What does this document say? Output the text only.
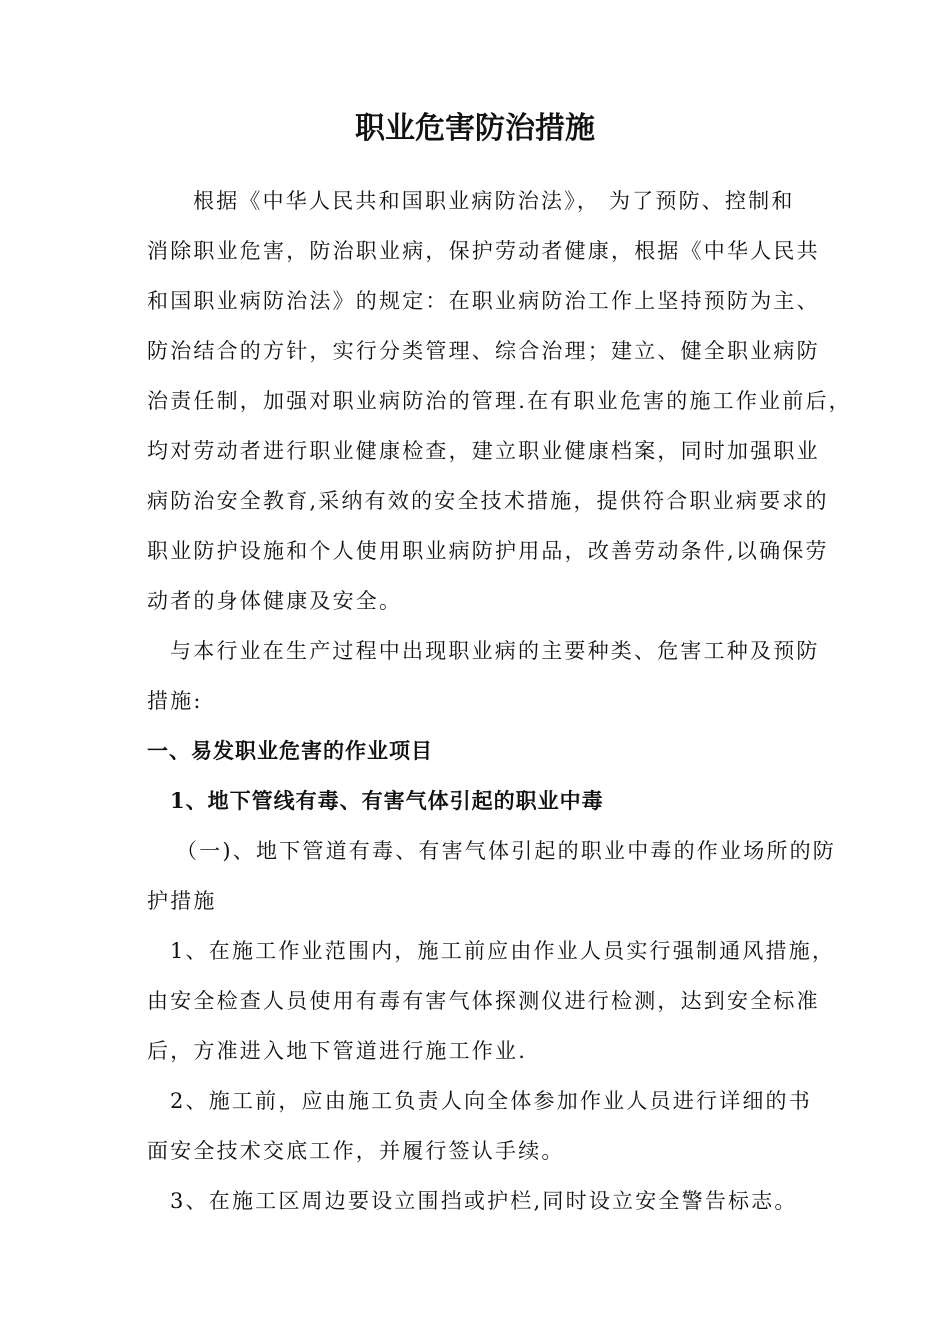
职业危害防治措施
根据《中华人民共和国职业病防治法》， 为了预防、控制和
消除职业危害，防治职业病，保护劳动者健康，根据《中华人民共
和国职业病防治法》的规定：在职业病防治工作上坚持预防为主、
防治结合的方针，实行分类管理、综合治理；建立、健全职业病防
治责任制，加强对职业病防治的管理.在有职业危害的施工作业前后，
均对劳动者进行职业健康检查，建立职业健康档案，同时加强职业
病防治安全教育,采纳有效的安全技术措施，提供符合职业病要求的
职业防护设施和个人使用职业病防护用品，改善劳动条件,以确保劳
动者的身体健康及安全。
与本行业在生产过程中出现职业病的主要种类、危害工种及预防
措施:
一、易发职业危害的作业项目
1、地下管线有毒、有害气体引起的职业中毒
（一)、地下管道有毒、有害气体引起的职业中毒的作业场所的防
护措施
1、在施工作业范围内，施工前应由作业人员实行强制通风措施，
由安全检查人员使用有毒有害气体探测仪进行检测，达到安全标准
后，方准进入地下管道进行施工作业.
2、施工前，应由施工负责人向全体参加作业人员进行详细的书
面安全技术交底工作，并履行签认手续。
3、在施工区周边要设立围挡或护栏,同时设立安全警告标志。
